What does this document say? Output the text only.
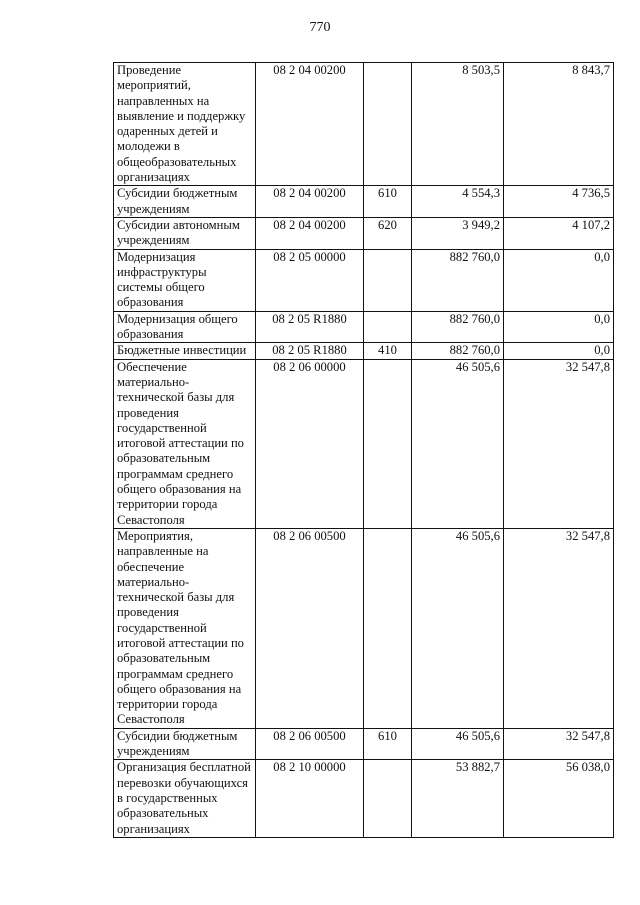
770
Проведение мероприятий, направленных на выявление и поддержку одаренных детей и молодежи в общеобразовательных организациях	08 2 04 00200		8 503,5	8 843,7
Субсидии бюджетным учреждениям	08 2 04 00200	610	4 554,3	4 736,5
Субсидии автономным учреждениям	08 2 04 00200	620	3 949,2	4 107,2
Модернизация инфраструктуры системы общего образования	08 2 05 00000		882 760,0	0,0
Модернизация общего образования	08 2 05 R1880		882 760,0	0,0
Бюджетные инвестиции	08 2 05 R1880	410	882 760,0	0,0
Обеспечение материально-технической базы для проведения государственной итоговой аттестации по образовательным программам среднего общего образования на территории города Севастополя	08 2 06 00000		46 505,6	32 547,8
Мероприятия, направленные на обеспечение материально-технической базы для проведения государственной итоговой аттестации по образовательным программам среднего общего образования на территории города Севастополя	08 2 06 00500		46 505,6	32 547,8
Субсидии бюджетным учреждениям	08 2 06 00500	610	46 505,6	32 547,8
Организация бесплатной перевозки обучающихся в государственных образовательных организациях	08 2 10 00000		53 882,7	56 038,0
